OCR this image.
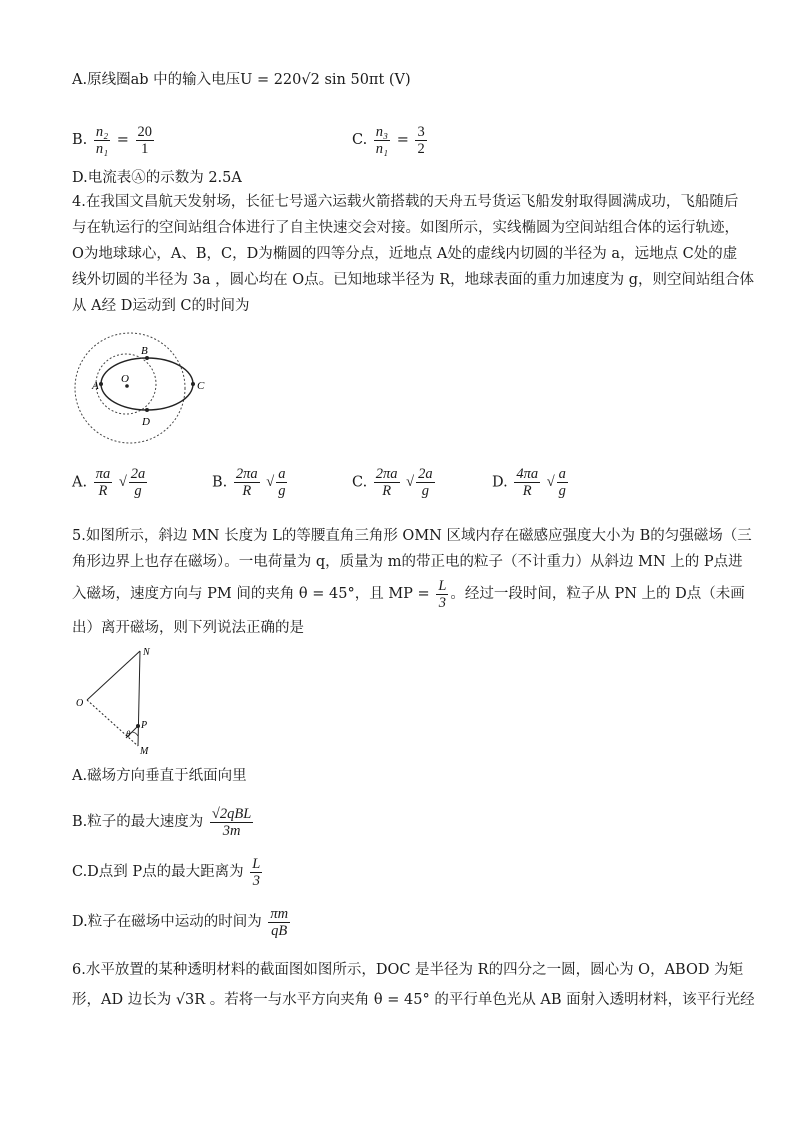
A.原线圈ab 中的输入电压U = 220√2 sin 50πt (V)
B. $\frac{\text{n₂}}{\text{n₁}} = \frac{20}{1}$	C. $\frac{\text{n₃}}{\text{n₁}} = \frac{3}{2}$
D.电流表Ⓐ的示数为 2.5A
4.在我国文昌航天发射场，长征七号遥六运载火箭搭载的天舟五号货运飞船发射取得圆满成功，飞船随后
与在轨运行的空间站组合体进行了自主快速交会对接。如图所示，实线椭圆为空间站组合体的运行轨迹，
O为地球球心，A、B，C，D为椭圆的四等分点，近地点 A处的虚线内切圆的半径为 a，远地点 C处的虚
线外切圆的半径为 3a ，圆心均在 O点。已知地球半径为 R，地球表面的重力加速度为 g，则空间站组合体
从 A经 D运动到 C的时间为
A
B
C
D
O
A. $\frac{\pi a}{R}$ √ $\frac{2a}{g}$	B. $\frac{2\pi a}{R}$ √ $\frac{a}{g}$	C. $\frac{2\pi a}{R}$ √ $\frac{2a}{g}$	D. $\frac{4\pi a}{R}$ √ $\frac{a}{g}$
5.如图所示，斜边 MN 长度为 L的等腰直角三角形 OMN 区域内存在磁感应强度大小为 B的匀强磁场（三
角形边界上也存在磁场）。一电荷量为 q，质量为 m的带正电的粒子（不计重力）从斜边 MN 上的 P点进
入磁场，速度方向与 PM 间的夹角 θ = 45°，且 MP = $\frac{L}{3}$ 。经过一段时间，粒子从 PN 上的 D点（未画
出）离开磁场，则下列说法正确的是
N
O
P
M
θ
A.磁场方向垂直于纸面向里
B.粒子的最大速度为 $\frac{\text{√2qBL}}{3m}$
C.D点到 P点的最大距离为 $\frac{L}{3}$
D.粒子在磁场中运动的时间为 $\frac{\pi m}{qB}$
6.水平放置的某种透明材料的截面图如图所示，DOC 是半径为 R的四分之一圆，圆心为 O，ABOD 为矩
形，AD 边长为 √3R 。若将一与水平方向夹角 θ = 45° 的平行单色光从 AB 面射入透明材料，该平行光经
